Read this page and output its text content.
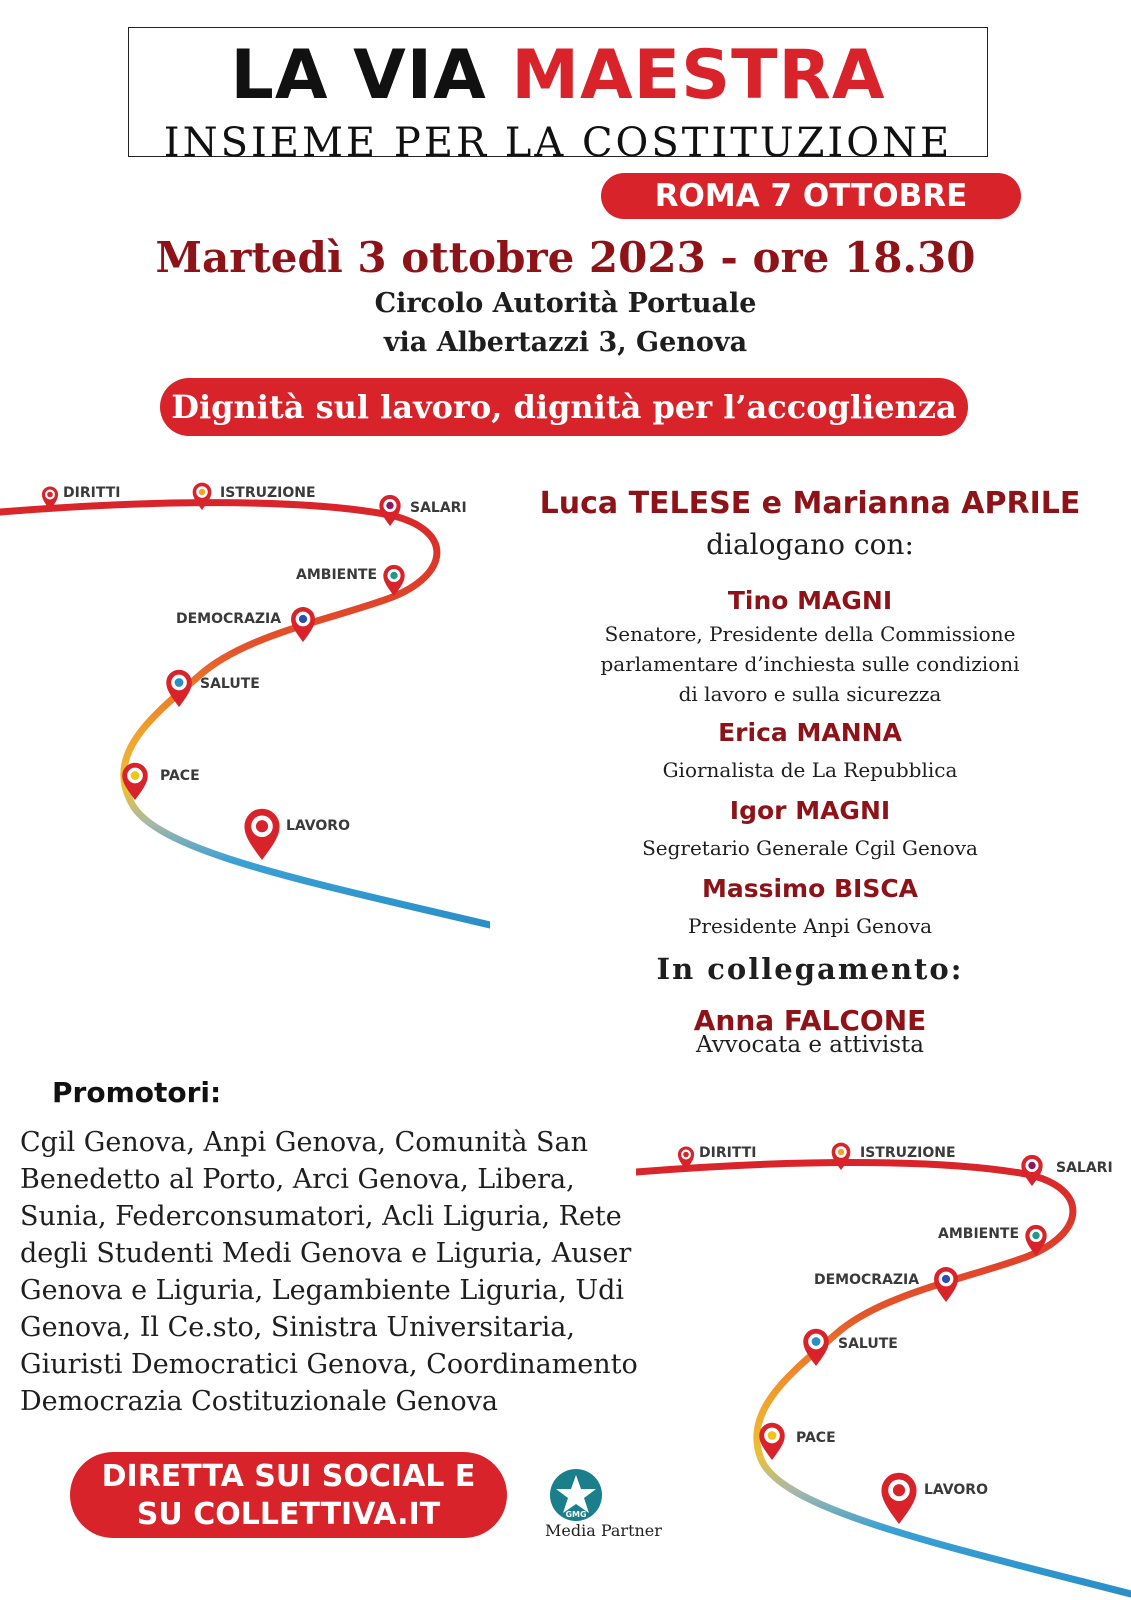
LA VIA MAESTRA
INSIEME PER LA COSTITUZIONE
ROMA 7 OTTOBRE
Martedì 3 ottobre 2023 - ore 18.30
Circolo Autorità Portuale
via Albertazzi 3, Genova
Dignità sul lavoro, dignità per l’accoglienza
DIRITTI	ISTRUZIONE
SALARI
AMBIENTE
DEMOCRAZIA
SALUTE
PACE
LAVORO
Luca TELESE e Marianna APRILE
dialogano con:
Tino MAGNI
Senatore, Presidente della Commissione
parlamentare d’inchiesta sulle condizioni
di lavoro e sulla sicurezza
Erica MANNA
Giornalista de La Repubblica
Igor MAGNI
Segretario Generale Cgil Genova
Massimo BISCA
Presidente Anpi Genova
In collegamento:
Anna FALCONE
Avvocata e attivista
Promotori:
Cgil Genova, Anpi Genova, Comunità San
Benedetto al Porto, Arci Genova, Libera,
Sunia, Federconsumatori, Acli Liguria, Rete
degli Studenti Medi Genova e Liguria, Auser
Genova e Liguria, Legambiente Liguria, Udi
Genova, Il Ce.sto, Sinistra Universitaria,
Giuristi Democratici Genova, Coordinamento
Democrazia Costituzionale Genova
DIRITTI	ISTRUZIONE
SALARI
AMBIENTE
DEMOCRAZIA
SALUTE
PACE
LAVORO
DIRETTA SUI SOCIAL E
SU COLLETTIVA.IT	GMG
Media Partner
